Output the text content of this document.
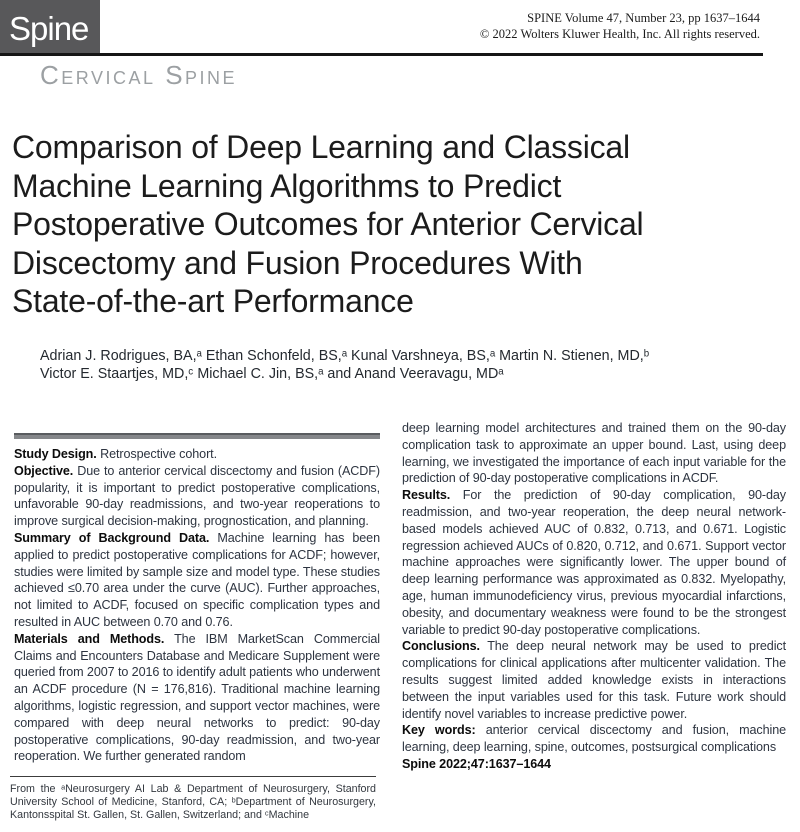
Spine	SPINE Volume 47, Number 23, pp 1637–1644
© 2022 Wolters Kluwer Health, Inc. All rights reserved.
Cervical Spine
Comparison of Deep Learning and Classical
Machine Learning Algorithms to Predict
Postoperative Outcomes for Anterior Cervical
Discectomy and Fusion Procedures With
State-of-the-art Performance
Adrian J. Rodrigues, BA,ᵃ Ethan Schonfeld, BS,ᵃ Kunal Varshneya, BS,ᵃ Martin N. Stienen, MD,ᵇ
Victor E. Staartjes, MD,ᶜ Michael C. Jin, BS,ᵃ and Anand Veeravagu, MDᵃ

Study Design. Retrospective cohort.

Objective. Due to anterior cervical discectomy and fusion (ACDF) popularity, it is important to predict postoperative complications, unfavorable 90-day readmissions, and two-year reoperations to improve surgical decision-making, prognostication, and planning.

Summary of Background Data. Machine learning has been applied to predict postoperative complications for ACDF; however, studies were limited by sample size and model type. These studies achieved ≤0.70 area under the curve (AUC). Further approaches, not limited to ACDF, focused on specific complication types and resulted in AUC between 0.70 and 0.76.

Materials and Methods. The IBM MarketScan Commercial Claims and Encounters Database and Medicare Supplement were queried from 2007 to 2016 to identify adult patients who underwent an ACDF procedure (N = 176,816). Traditional machine learning algorithms, logistic regression, and support vector machines, were compared with deep neural networks to predict: 90-day postoperative complications, 90-day readmission, and two-year reoperation. We further generated random

deep learning model architectures and trained them on the 90-day complication task to approximate an upper bound. Last, using deep learning, we investigated the importance of each input variable for the prediction of 90-day postoperative complications in ACDF.

Results. For the prediction of 90-day complication, 90-day readmission, and two-year reoperation, the deep neural network-based models achieved AUC of 0.832, 0.713, and 0.671. Logistic regression achieved AUCs of 0.820, 0.712, and 0.671. Support vector machine approaches were significantly lower. The upper bound of deep learning performance was approximated as 0.832. Myelopathy, age, human immunodeficiency virus, previous myocardial infarctions, obesity, and documentary weakness were found to be the strongest variable to predict 90-day postoperative complications.

Conclusions. The deep neural network may be used to predict complications for clinical applications after multicenter validation. The results suggest limited added knowledge exists in interactions between the input variables used for this task. Future work should identify novel variables to increase predictive power.

Key words: anterior cervical discectomy and fusion, machine learning, deep learning, spine, outcomes, postsurgical complications

Spine 2022;47:1637–1644

From the ᵃNeurosurgery AI Lab & Department of Neurosurgery, Stanford University School of Medicine, Stanford, CA; ᵇDepartment of Neurosurgery, Kantonsspital St. Gallen, St. Gallen, Switzerland; and ᶜMachine
